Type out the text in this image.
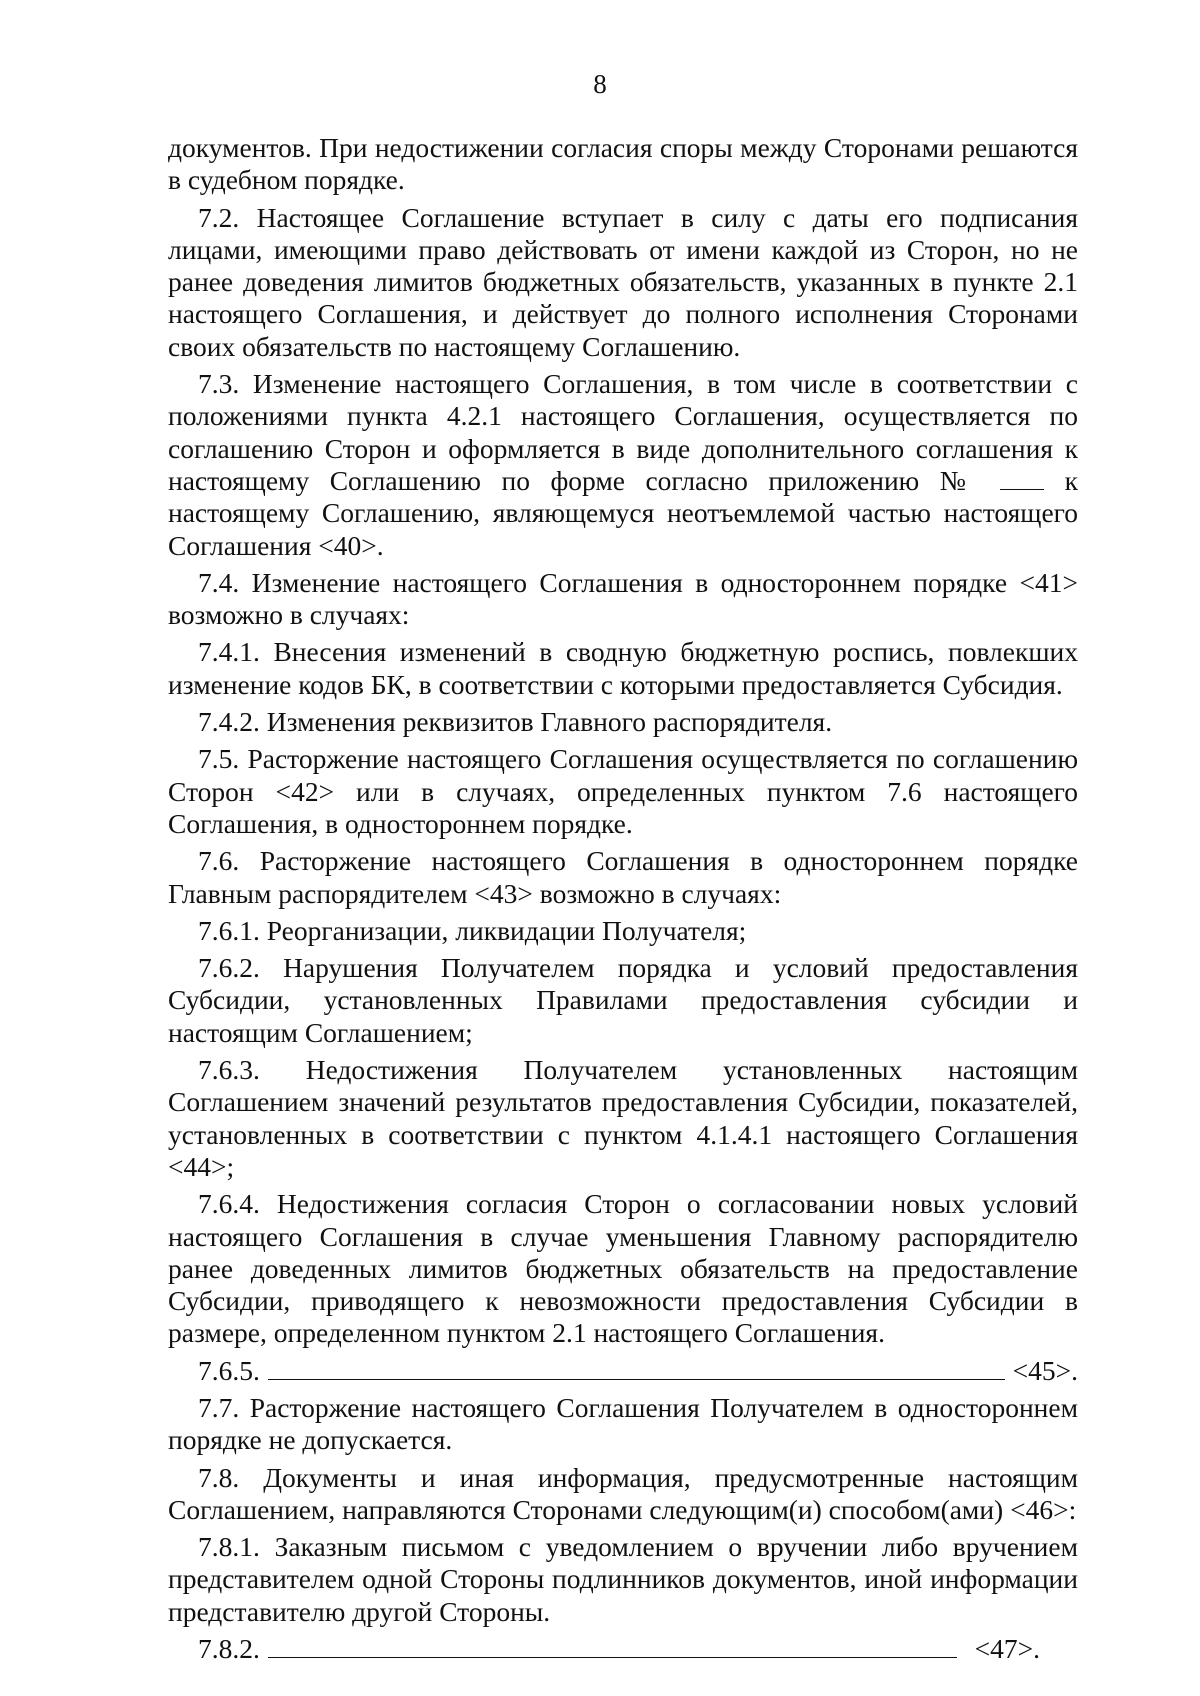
8

документов. При недостижении согласия споры между Сторонами решаются в судебном порядке.

7.2. Настоящее Соглашение вступает в силу с даты его подписания лицами, имеющими право действовать от имени каждой из Сторон, но не ранее доведения лимитов бюджетных обязательств, указанных в пункте 2.1 настоящего Соглашения, и действует до полного исполнения Сторонами своих обязательств по настоящему Соглашению.

7.3. Изменение настоящего Соглашения, в том числе в соответствии с положениями пункта 4.2.1 настоящего Соглашения, осуществляется по соглашению Сторон и оформляется в виде дополнительного соглашения к настоящему Соглашению по форме согласно приложению №	к настоящему Соглашению, являющемуся неотъемлемой частью настоящего Соглашения <40>.

7.4. Изменение настоящего Соглашения в одностороннем порядке <41> возможно в случаях:

7.4.1. Внесения изменений в сводную бюджетную роспись, повлекших изменение кодов БК, в соответствии с которыми предоставляется Субсидия.

7.4.2. Изменения реквизитов Главного распорядителя.

7.5. Расторжение настоящего Соглашения осуществляется по соглашению Сторон <42> или в случаях, определенных пунктом 7.6 настоящего Соглашения, в одностороннем порядке.

7.6. Расторжение настоящего Соглашения в одностороннем порядке Главным распорядителем <43> возможно в случаях:

7.6.1. Реорганизации, ликвидации Получателя;

7.6.2. Нарушения Получателем порядка и условий предоставления Субсидии, установленных Правилами предоставления субсидии и настоящим Соглашением;

7.6.3. Недостижения Получателем установленных настоящим Соглашением значений результатов предоставления Субсидии, показателей, установленных в соответствии с пунктом 4.1.4.1 настоящего Соглашения <44>;

7.6.4. Недостижения согласия Сторон о согласовании новых условий настоящего Соглашения в случае уменьшения Главному распорядителю ранее доведенных лимитов бюджетных обязательств на предоставление Субсидии, приводящего к невозможности предоставления Субсидии в размере, определенном пунктом 2.1 настоящего Соглашения.

7.6.5.	<45>.

7.7. Расторжение настоящего Соглашения Получателем в одностороннем порядке не допускается.

7.8. Документы и иная информация, предусмотренные настоящим Соглашением, направляются Сторонами следующим(и) способом(ами) <46>:

7.8.1. Заказным письмом с уведомлением о вручении либо вручением представителем одной Стороны подлинников документов, иной информации представителю другой Стороны.

7.8.2.	<47>.
